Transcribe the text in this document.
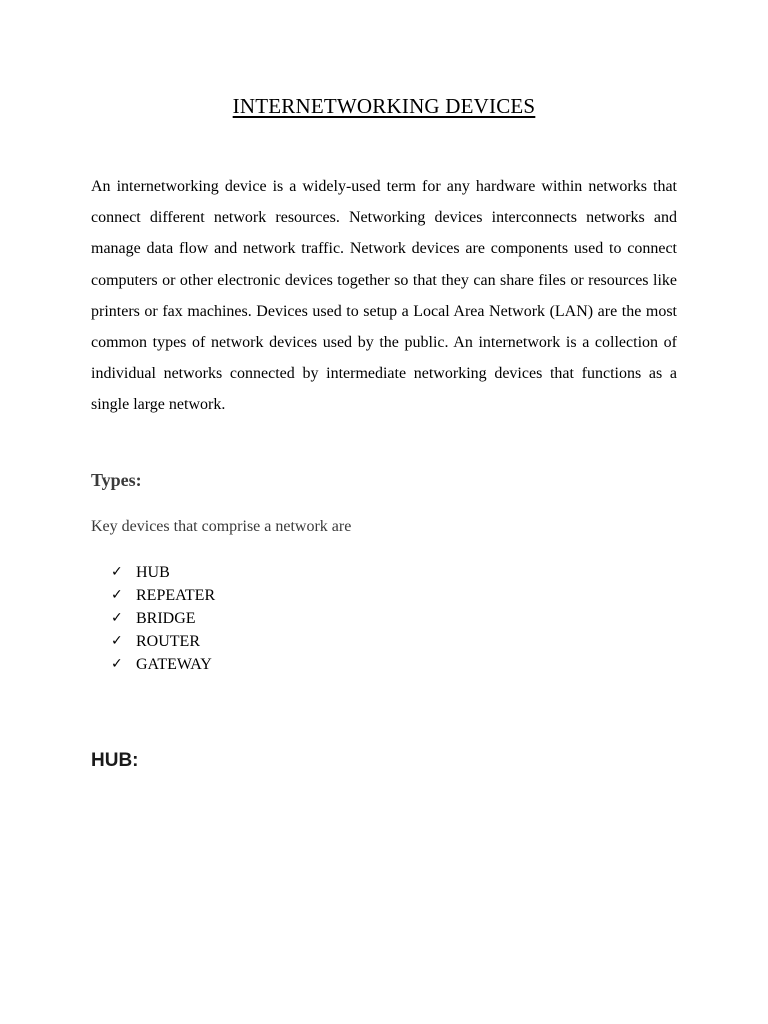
INTERNETWORKING DEVICES

An internetworking device is a widely-used term for any hardware within networks that connect different network resources. Networking devices interconnects networks and manage data flow and network traffic. Network devices are components used to connect computers or other electronic devices together so that they can share files or resources like printers or fax machines. Devices used to setup a Local Area Network (LAN) are the most common types of network devices used by the public. An internetwork is a collection of individual networks connected by intermediate networking devices that functions as a single large network.

Types:

Key devices that comprise a network are

✓ HUB
✓ REPEATER
✓ BRIDGE
✓ ROUTER
✓ GATEWAY
HUB:
